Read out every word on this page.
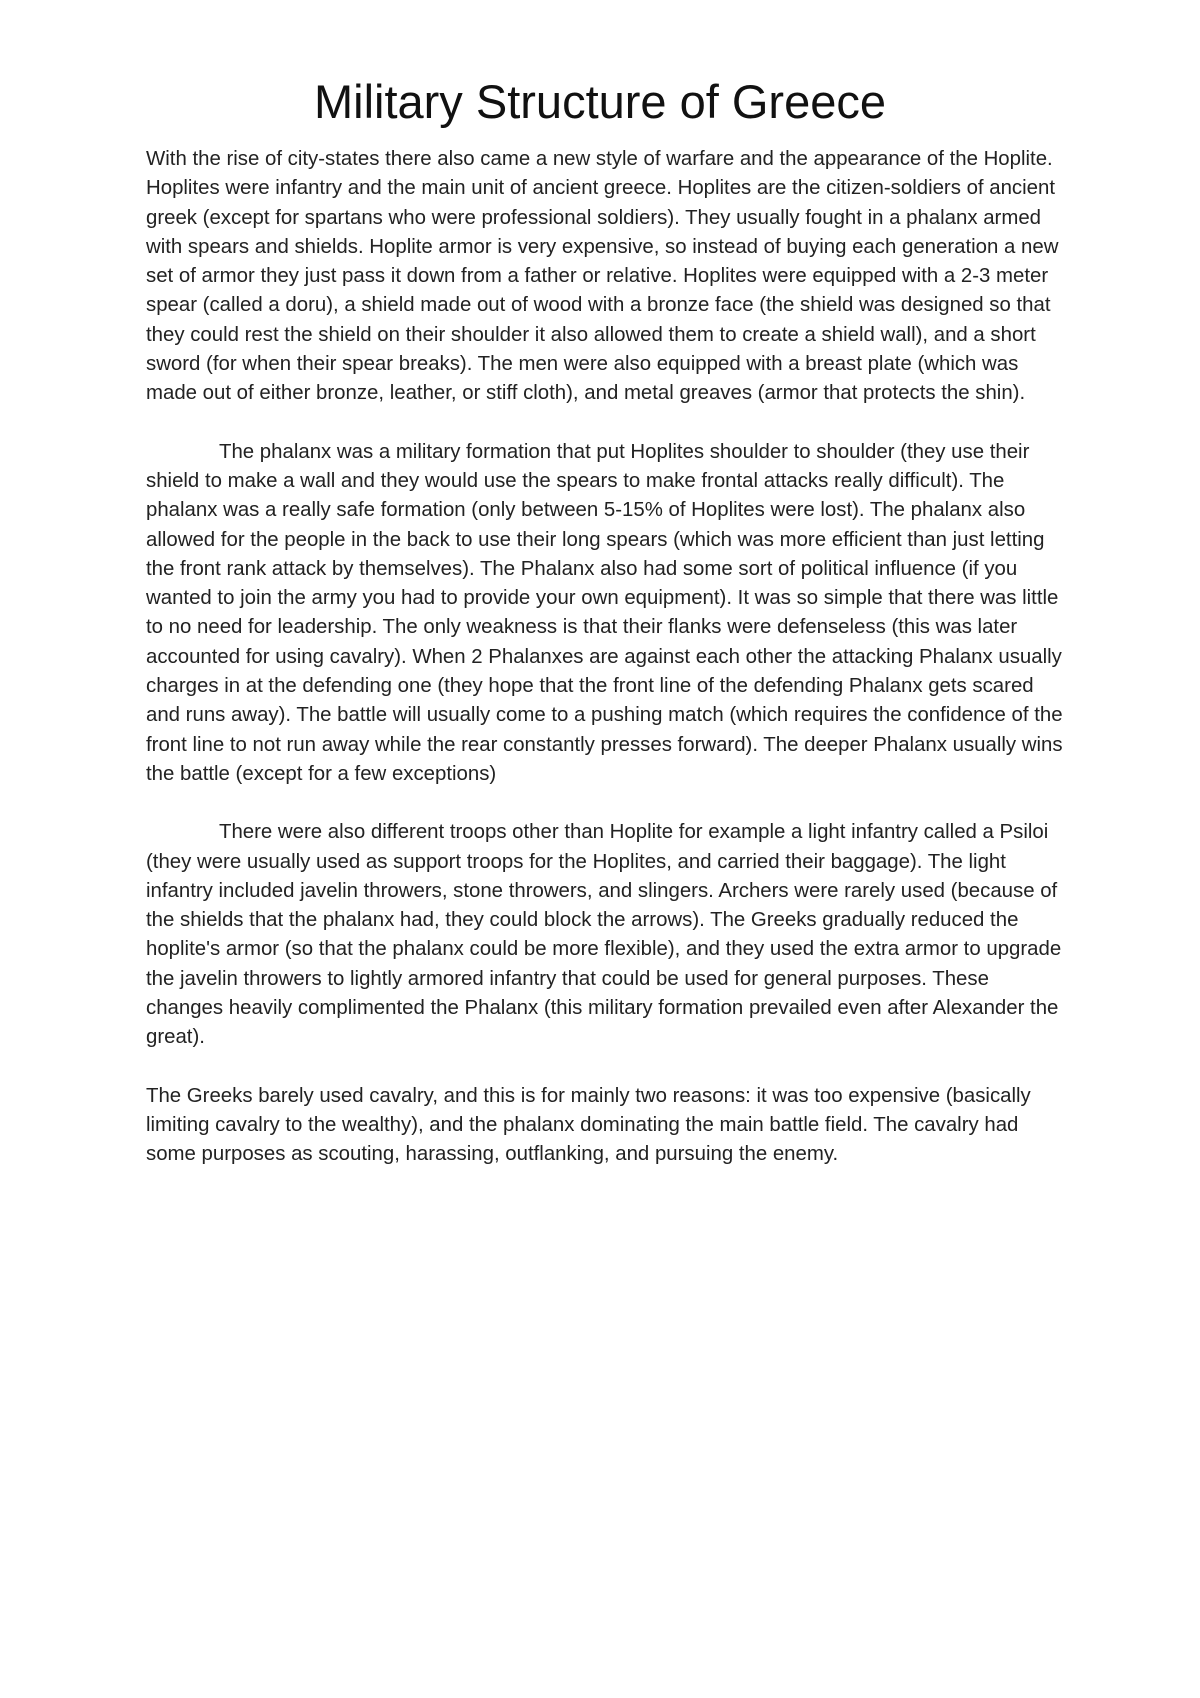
Military Structure of Greece

With the rise of city-states there also came a new style of warfare and the appearance of the Hoplite. Hoplites were infantry and the main unit of ancient greece. Hoplites are the citizen-soldiers of ancient greek (except for spartans who were professional soldiers). They usually fought in a phalanx armed with spears and shields. Hoplite armor is very expensive, so instead of buying each generation a new set of armor they just pass it down from a father or relative. Hoplites were equipped with a 2-3 meter spear (called a doru), a shield made out of wood with a bronze face (the shield was designed so that they could rest the shield on their shoulder it also allowed them to create a shield wall), and a short sword (for when their spear breaks). The men were also equipped with a breast plate (which was made out of either bronze, leather, or stiff cloth), and metal greaves (armor that protects the shin).

The phalanx was a military formation that put Hoplites shoulder to shoulder (they use their shield to make a wall and they would use the spears to make frontal attacks really difficult). The phalanx was a really safe formation (only between 5-15% of Hoplites were lost). The phalanx also allowed for the people in the back to use their long spears (which was more efficient than just letting the front rank attack by themselves). The Phalanx also had some sort of political influence (if you wanted to join the army you had to provide your own equipment). It was so simple that there was little to no need for leadership. The only weakness is that their flanks were defenseless (this was later accounted for using cavalry). When 2 Phalanxes are against each other the attacking Phalanx usually charges in at the defending one (they hope that the front line of the defending Phalanx gets scared and runs away). The battle will usually come to a pushing match (which requires the confidence of the front line to not run away while the rear constantly presses forward). The deeper Phalanx usually wins the battle (except for a few exceptions)

There were also different troops other than Hoplite for example a light infantry called a Psiloi (they were usually used as support troops for the Hoplites, and carried their baggage). The light infantry included javelin throwers, stone throwers, and slingers. Archers were rarely used (because of the shields that the phalanx had, they could block the arrows). The Greeks gradually reduced the hoplite's armor (so that the phalanx could be more flexible), and they used the extra armor to upgrade the javelin throwers to lightly armored infantry that could be used for general purposes. These changes heavily complimented the Phalanx (this military formation prevailed even after Alexander the great).

The Greeks barely used cavalry, and this is for mainly two reasons: it was too expensive (basically limiting cavalry to the wealthy), and the phalanx dominating the main battle field. The cavalry had some purposes as scouting, harassing, outflanking, and pursuing the enemy.
